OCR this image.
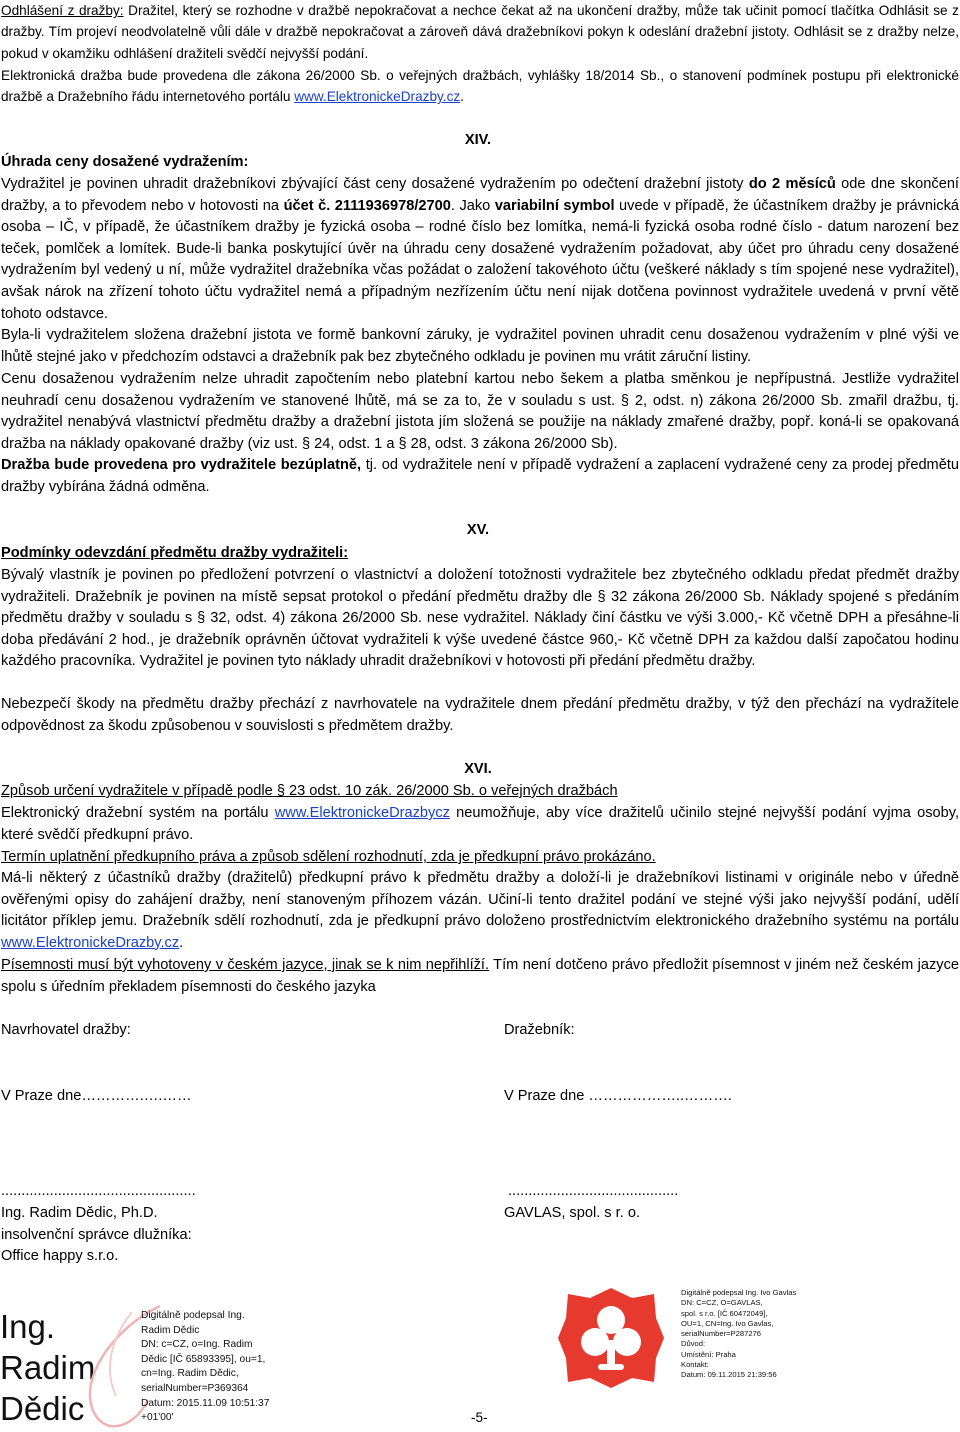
Odhlášení z dražby: Dražitel, který se rozhodne v dražbě nepokračovat a nechce čekat až na ukončení dražby, může tak učinit pomocí tlačítka Odhlásit se z dražby. Tím projeví neodvolatelně vůli dále v dražbě nepokračovat a zároveň dává dražebníkovi pokyn k odeslání dražební jistoty. Odhlásit se z dražby nelze, pokud v okamžiku odhlášení dražiteli svědčí nejvyšší podání.

Elektronická dražba bude provedena dle zákona 26/2000 Sb. o veřejných dražbách, vyhlášky 18/2014 Sb., o stanovení podmínek postupu při elektronické dražbě a Dražebního řádu internetového portálu www.ElektronickeDrazby.cz.

XIV.

Úhrada ceny dosažené vydražením:

Vydražitel je povinen uhradit dražebníkovi zbývající část ceny dosažené vydražením po odečtení dražební jistoty do 2 měsíců ode dne skončení dražby, a to převodem nebo v hotovosti na účet č. 2111936978/2700. Jako variabilní symbol uvede v případě, že účastníkem dražby je právnická osoba – IČ, v případě, že účastníkem dražby je fyzická osoba – rodné číslo bez lomítka, nemá-li fyzická osoba rodné číslo - datum narození bez teček, pomlček a lomítek. Bude-li banka poskytující úvěr na úhradu ceny dosažené vydražením požadovat, aby účet pro úhradu ceny dosažené vydražením byl vedený u ní, může vydražitel dražebníka včas požádat o založení takovéhoto účtu (veškeré náklady s tím spojené nese vydražitel), avšak nárok na zřízení tohoto účtu vydražitel nemá a případným nezřízením účtu není nijak dotčena povinnost vydražitele uvedená v první větě tohoto odstavce.

Byla-li vydražitelem složena dražební jistota ve formě bankovní záruky, je vydražitel povinen uhradit cenu dosaženou vydražením v plné výši ve lhůtě stejné jako v předchozím odstavci a dražebník pak bez zbytečného odkladu je povinen mu vrátit záruční listiny.

Cenu dosaženou vydražením nelze uhradit započtením nebo platební kartou nebo šekem a platba směnkou je nepřípustná. Jestliže vydražitel neuhradí cenu dosaženou vydražením ve stanovené lhůtě, má se za to, že v souladu s ust. § 2, odst. n) zákona 26/2000 Sb. zmařil dražbu, tj. vydražitel nenabývá vlastnictví předmětu dražby a dražební jistota jím složená se použije na náklady zmařené dražby, popř. koná-li se opakovaná dražba na náklady opakované dražby (viz ust. § 24, odst. 1 a § 28, odst. 3 zákona 26/2000 Sb).

Dražba bude provedena pro vydražitele bezúplatně, tj. od vydražitele není v případě vydražení a zaplacení vydražené ceny za prodej předmětu dražby vybírána žádná odměna.

XV.

Podmínky odevzdání předmětu dražby vydražiteli:

Bývalý vlastník je povinen po předložení potvrzení o vlastnictví a doložení totožnosti vydražitele bez zbytečného odkladu předat předmět dražby vydražiteli. Dražebník je povinen na místě sepsat protokol o předání předmětu dražby dle § 32 zákona 26/2000 Sb. Náklady spojené s předáním předmětu dražby v souladu s § 32, odst. 4) zákona 26/2000 Sb. nese vydražitel. Náklady činí částku ve výši 3.000,- Kč včetně DPH a přesáhne-li doba předávání 2 hod., je dražebník oprávněn účtovat vydražiteli k výše uvedené částce 960,- Kč včetně DPH za každou další započatou hodinu každého pracovníka. Vydražitel je povinen tyto náklady uhradit dražebníkovi v hotovosti při předání předmětu dražby.

Nebezpečí škody na předmětu dražby přechází z navrhovatele na vydražitele dnem předání předmětu dražby, v týž den přechází na vydražitele odpovědnost za škodu způsobenou v souvislosti s předmětem dražby.

XVI.

Způsob určení vydražitele v případě podle § 23 odst. 10 zák. 26/2000 Sb. o veřejných dražbách

Elektronický dražební systém na portálu www.ElektronickeDrazbycz neumožňuje, aby více dražitelů učinilo stejné nejvyšší podání vyjma osoby, které svědčí předkupní právo.

Termín uplatnění předkupního práva a způsob sdělení rozhodnutí, zda je předkupní právo prokázáno.

Má-li některý z účastníků dražby (dražitelů) předkupní právo k předmětu dražby a doloží-li je dražebníkovi listinami v originále nebo v úředně ověřenými opisy do zahájení dražby, není stanoveným příhozem vázán. Učiní-li tento dražitel podání ve stejné výši jako nejvyšší podání, udělí licitátor příklep jemu. Dražebník sdělí rozhodnutí, zda je předkupní právo doloženo prostřednictvím elektronického dražebního systému na portálu www.ElektronickeDrazby.cz.

Písemnosti musí být vyhotoveny v českém jazyce, jinak se k nim nepřihlíží. Tím není dotčeno právo předložit písemnost v jiném než českém jazyce spolu s úředním překladem písemnosti do českého jazyka

Navrhovatel dražby:	Dražebník:
V Praze dne………….….……	V Praze dne ………………..……….
................................................	..........................................
Ing. Radim Dědic, Ph.D.	GAVLAS, spol. s r. o.
insolvenční správce dlužníka:
Office happy s.r.o.
Ing.
Radim
Dědic
Digitálně podepsal Ing.
Radim Dědic
DN: c=CZ, o=Ing. Radim
Dědic [IČ 65893395], ou=1,
cn=Ing. Radim Dědic,
serialNumber=P369364
Datum: 2015.11.09 10:51:37
+01'00'
Digitálně podepsal Ing. Ivo Gavlas
DN: C=CZ, O=GAVLAS,
spol. s r.o. [IČ 60472049],
OU=1, CN=Ing. Ivo Gavlas,
serialNumber=P287276
Důvod:
Umístění: Praha
Kontakt:
Datum: 09.11.2015 21:39:56
-5-
